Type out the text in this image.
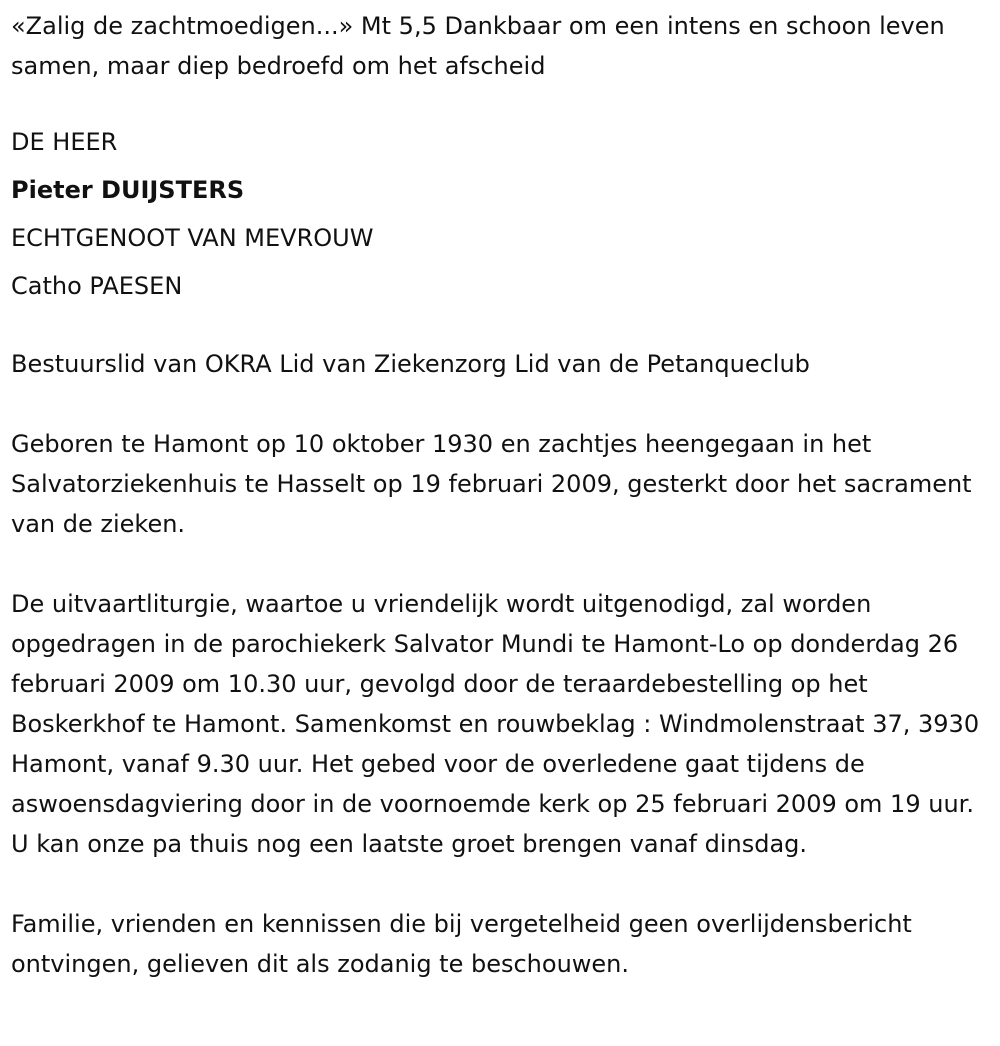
«Zalig de zachtmoedigen...» Mt 5,5 Dankbaar om een intens en schoon leven samen, maar diep bedroefd om het afscheid

DE HEER
Pieter DUIJSTERS
ECHTGENOOT VAN MEVROUW
Catho PAESEN

Bestuurslid van OKRA Lid van Ziekenzorg Lid van de Petanqueclub

Geboren te Hamont op 10 oktober 1930 en zachtjes heengegaan in het Salvatorziekenhuis te Hasselt op 19 februari 2009, gesterkt door het sacrament van de zieken.

De uitvaartliturgie, waartoe u vriendelijk wordt uitgenodigd, zal worden opgedragen in de parochiekerk Salvator Mundi te Hamont-Lo op donderdag 26 februari 2009 om 10.30 uur, gevolgd door de teraardebestelling op het Boskerkhof te Hamont. Samenkomst en rouwbeklag : Windmolenstraat 37, 3930 Hamont, vanaf 9.30 uur. Het gebed voor de overledene gaat tijdens de aswoensdagviering door in de voornoemde kerk op 25 februari 2009 om 19 uur. U kan onze pa thuis nog een laatste groet brengen vanaf dinsdag.

Familie, vrienden en kennissen die bij vergetelheid geen overlijdensbericht ontvingen, gelieven dit als zodanig te beschouwen.
